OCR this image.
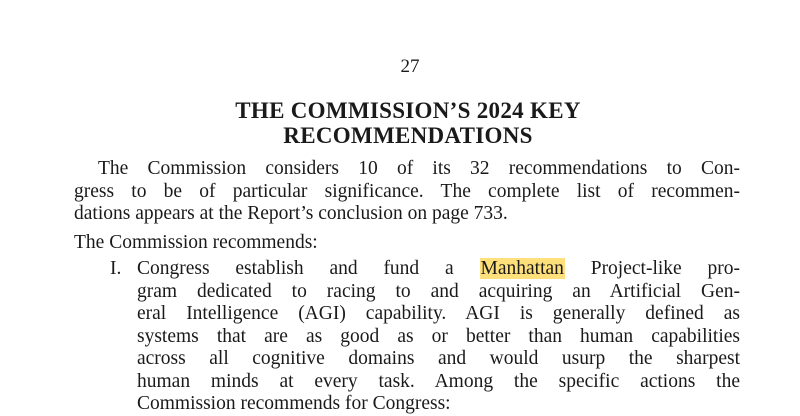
27
THE COMMISSION’S 2024 KEY
RECOMMENDATIONS
The Commission considers 10 of its 32 recommendations to Con-
gress to be of particular significance. The complete list of recommen-
dations appears at the Report’s conclusion on page 733.
The Commission recommends:
I. Congress establish and fund a Manhattan Project-like pro-
gram dedicated to racing to and acquiring an Artificial Gen-
eral Intelligence (AGI) capability. AGI is generally defined as
systems that are as good as or better than human capabilities
across all cognitive domains and would usurp the sharpest
human minds at every task. Among the specific actions the
Commission recommends for Congress:
